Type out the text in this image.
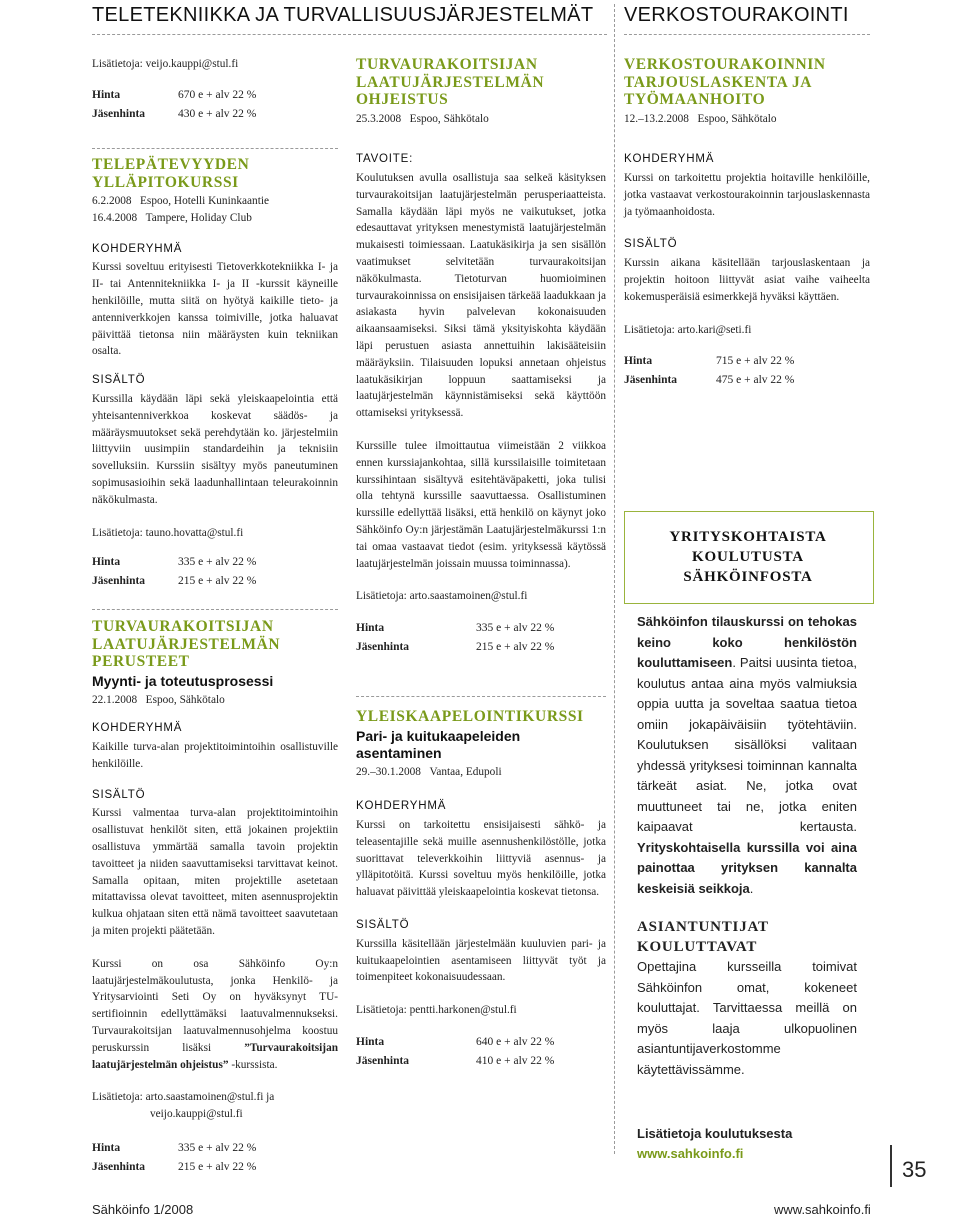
TELETEKNIIKKA JA TURVALLISUUSJÄRJESTELMÄT VERKOSTOURAKOINTI

Lisätietoja: veijo.kauppi@stul.fi

Hinta	670 e + alv 22 %
Jäsenhinta	430 e + alv 22 %
TELEPÄTEVYYDEN YLLÄPITOKURSSI
6.2.2008 Espoo, Hotelli Kuninkaantie
16.4.2008 Tampere, Holiday Club
KOHDERYHMÄ

Kurssi soveltuu erityisesti Tietoverkkotekniikka I- ja II- tai Antennitekniikka I- ja II -kurssit käyneille henkilöille, mutta siitä on hyötyä kaikille tieto- ja antenniverkkojen kanssa toimiville, jotka haluavat päivittää tietonsa niin määräysten kuin tekniikan osalta.

SISÄLTÖ

Kurssilla käydään läpi sekä yleiskaapelointia että yhteisantenniverkkoa koskevat säädös- ja määräysmuutokset sekä perehdytään ko. järjestelmiin liittyviin uusimpiin standardeihin ja teknisiin sovelluksiin. Kurssiin sisältyy myös paneutuminen sopimusasioihin sekä laadunhallintaan teleurakoinnin näkökulmasta.

Lisätietoja: tauno.hovatta@stul.fi

Hinta	335 e + alv 22 %
Jäsenhinta	215 e + alv 22 %
TURVAURAKOITSIJAN LAATUJÄRJESTELMÄN PERUSTEET
Myynti- ja toteutusprosessi
22.1.2008 Espoo, Sähkötalo
KOHDERYHMÄ

Kaikille turva-alan projektitoimintoihin osallistuville henkilöille.

SISÄLTÖ

Kurssi valmentaa turva-alan projektitoimintoihin osallistuvat henkilöt siten, että jokainen projektiin osallistuva ymmärtää samalla tavoin projektin tavoitteet ja niiden saavuttamiseksi tarvittavat keinot. Samalla opitaan, miten projektille asetetaan mitattavissa olevat tavoitteet, miten asennusprojektin kulkua ohjataan siten että nämä tavoitteet saavutetaan ja miten projekti päätetään.

Kurssi on osa Sähköinfo Oy:n laatujärjestelmäkoulutusta, jonka Henkilö- ja Yritysarviointi Seti Oy on hyväksynyt TU-sertifioinnin edellyttämäksi laatuvalmennukseksi. Turvaurakoitsijan laatuvalmennusohjelma koostuu peruskurssin lisäksi	”Turvaurakoitsijan laatujärjestelmän ohjeistus” -kurssista.

Lisätietoja: arto.saastamoinen@stul.fi ja

veijo.kauppi@stul.fi

Hinta	335 e + alv 22 %
Jäsenhinta	215 e + alv 22 %
TURVAURAKOITSIJAN LAATUJÄRJESTELMÄN OHJEISTUS
25.3.2008 Espoo, Sähkötalo
TAVOITE:

Koulutuksen avulla osallistuja saa selkeä käsityksen turvaurakoitsijan laatujärjestelmän perusperiaatteista. Samalla käydään läpi myös ne vaikutukset, jotka edesauttavat yrityksen menestymistä laatujärjestelmän mukaisesti toimiessaan. Laatukäsikirja ja sen sisällön vaatimukset selvitetään turvaurakoitsijan näkökulmasta. Tietoturvan huomioiminen turvaurakoinnissa on ensisijaisen tärkeää laadukkaan ja asiakasta hyvin palvelevan kokonaisuuden aikaansaamiseksi. Siksi tämä yksityiskohta käydään läpi perustuen asiasta annettuihin lakisääteisiin määräyksiin. Tilaisuuden lopuksi annetaan ohjeistus laatukäsikirjan loppuun saattamiseksi ja laatujärjestelmän käynnistämiseksi sekä käyttöön ottamiseksi yrityksessä.

Kurssille tulee ilmoittautua viimeistään 2 viikkoa ennen kurssiajankohtaa, sillä kurssilaisille toimitetaan kurssihintaan sisältyvä esitehtäväpaketti, joka tulisi olla tehtynä kurssille saavuttaessa. Osallistuminen kurssille edellyttää lisäksi, että henkilö on käynyt joko Sähköinfo Oy:n järjestämän Laatujärjestelmäkurssi 1:n tai omaa vastaavat tiedot (esim. yrityksessä käytössä laatujärjestelmän joissain muussa toiminnassa).

Lisätietoja: arto.saastamoinen@stul.fi

Hinta	335 e + alv 22 %
Jäsenhinta	215 e + alv 22 %
YLEISKAAPELOINTIKURSSI
Pari- ja kuitukaapeleiden asentaminen
29.–30.1.2008 Vantaa, Edupoli
KOHDERYHMÄ

Kurssi on tarkoitettu ensisijaisesti sähkö- ja teleasentajille sekä muille asennushenkilöstölle, jotka suorittavat televerkkoihin liittyviä asennus- ja ylläpitotöitä. Kurssi soveltuu myös henkilöille, jotka haluavat päivittää yleiskaapelointia koskevat tietonsa.

SISÄLTÖ

Kurssilla käsitellään järjestelmään kuuluvien pari- ja kuitukaapelointien asentamiseen liittyvät työt ja toimenpiteet kokonaisuudessaan.

Lisätietoja: pentti.harkonen@stul.fi

Hinta	640 e + alv 22 %
Jäsenhinta	410 e + alv 22 %
VERKOSTOURAKOINNIN TARJOUSLASKENTA JA TYÖMAANHOITO
12.–13.2.2008 Espoo, Sähkötalo
KOHDERYHMÄ

Kurssi on tarkoitettu projektia hoitaville henkilöille, jotka vastaavat verkostourakoinnin tarjouslaskennasta ja työmaanhoidosta.

SISÄLTÖ

Kurssin aikana käsitellään tarjouslaskentaan ja projektin hoitoon liittyvät asiat vaihe vaiheelta kokemusperäisiä esimerkkejä hyväksi käyttäen.

Lisätietoja: arto.kari@seti.fi

Hinta	715 e + alv 22 %
Jäsenhinta	475 e + alv 22 %
YRITYSKOHTAISTA
KOULUTUSTA
SÄHKÖINFOSTA

Sähköinfon tilauskurssi on tehokas keino koko henkilöstön kouluttamiseen. Paitsi uusinta tietoa, koulutus antaa aina myös valmiuksia oppia uutta ja soveltaa saatua tietoa omiin jokapäiväisiin työtehtäviin. Koulutuksen sisällöksi valitaan yhdessä yrityksesi toiminnan kannalta tärkeät asiat. Ne, jotka ovat muuttuneet tai ne, jotka eniten kaipaavat kertausta. Yrityskohtaisella kurssilla voi aina painottaa yrityksen kannalta keskeisiä seikkoja.

ASIANTUNTIJAT
KOULUTTAVAT

Opettajina kursseilla toimivat Sähköinfon omat, kokeneet kouluttajat. Tarvittaessa meillä on myös laaja ulkopuolinen asiantuntijaverkostomme käytettävissämme.

Lisätietoja koulutuksesta
www.sahkoinfo.fi
35
Sähköinfo 1/2008	www.sahkoinfo.fi
